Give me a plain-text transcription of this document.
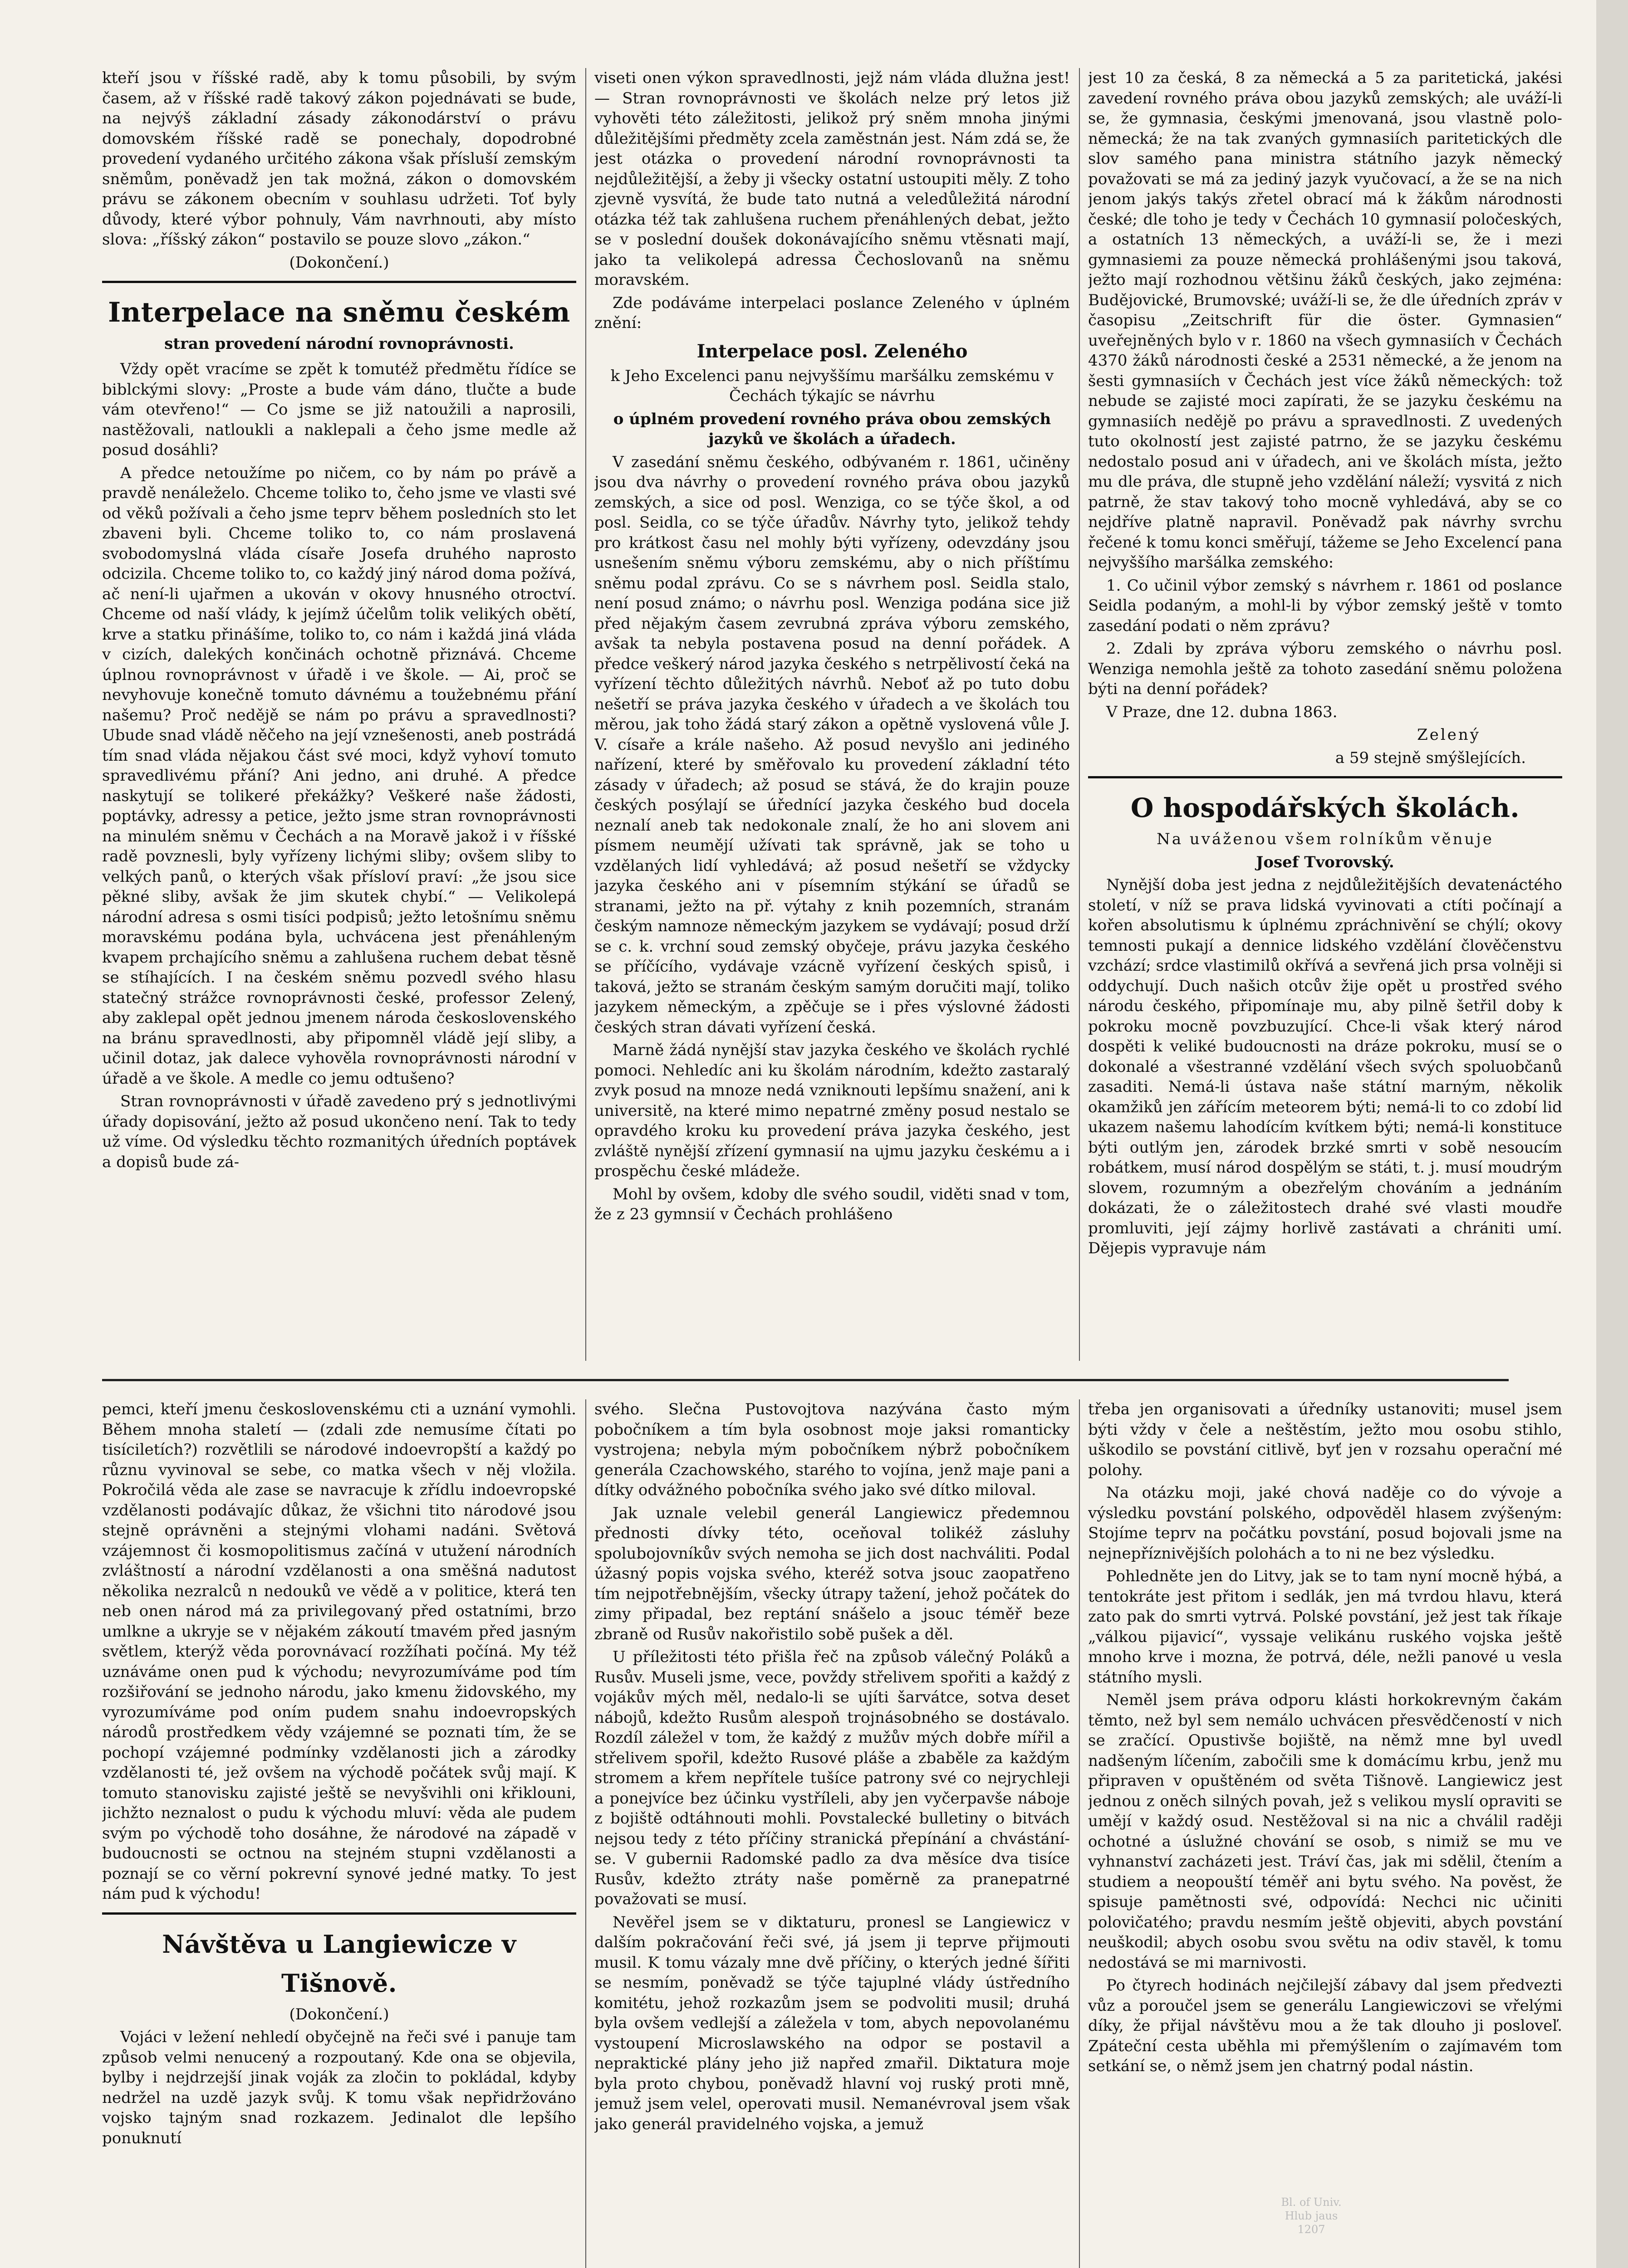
kteří jsou v říšské radě, aby k tomu působili, by svým časem, až v říšské radě takový zákon pojednávati se bude, na nejvýš základní zásady zákonodárství o právu domovském říšské radě se ponechaly, dopodrobné provedení vydaného určitého zákona však přísluší zemským sněmům, poněvadž jen tak možná, zákon o domovském právu se zákonem obecním v souhlasu udržeti. Toť byly důvody, které výbor pohnuly, Vám navrhnouti, aby místo slova: „říšský zákon“ postavilo se pouze slovo „zákon.“

(Dokončení.)

Interpelace na sněmu českém
stran provedení národní rovnoprávnosti.

Vždy opět vracíme se zpět k tomutéž předmětu řídíce se biblckými slovy: „Proste a bude vám dáno, tlučte a bude vám otevřeno!“ — Co jsme se již natoužili a naprosili, nastěžovali, natloukli a naklepali a čeho jsme medle až posud dosáhli?

A předce netoužíme po ničem, co by nám po právě a pravdě nenáleželo. Chceme toliko to, čeho jsme ve vlasti své od věků požívali a čeho jsme teprv během posledních sto let zbaveni byli. Chceme toliko to, co nám proslavená svobodomyslná vláda císaře Josefa druhého naprosto odcizila. Chceme toliko to, co každý jiný národ doma požívá, ač není-li ujařmen a ukován v okovy hnusného otroctví. Chceme od naší vlády, k jejímž účelům tolik velikých obětí, krve a statku přinášíme, toliko to, co nám i každá jiná vláda v cizích, dalekých končinách ochotně přiznává. Chceme úplnou rovnoprávnost v úřadě i ve škole. — Ai, proč se nevyhovuje konečně tomuto dávnému a toužebnému přání našemu? Proč nedějě se nám po právu a spravedlnosti? Ubude snad vládě něčeho na její vznešenosti, aneb postrádá tím snad vláda nějakou část své moci, když vyhoví tomuto spravedlivému přání? Ani jedno, ani druhé. A předce naskytují se tolikeré překážky? Veškeré naše žádosti, poptávky, adressy a petice, ježto jsme stran rovnoprávnosti na minulém sněmu v Čechách a na Moravě jakož i v říšské radě povznesli, byly vyřízeny lichými sliby; ovšem sliby to velkých panů, o kterých však přísloví praví: „že jsou sice pěkné sliby, avšak že jim skutek chybí.“ — Velikolepá národní adresa s osmi tisíci podpisů; ježto letošnímu sněmu moravskému podána byla, uchvácena jest přenáhleným kvapem prchajícího sněmu a zahlušena ruchem debat těsně se stíhajících. I na českém sněmu pozvedl svého hlasu statečný strážce rovnoprávnosti české, professor Zelený, aby zaklepal opět jednou jmenem národa československého na bránu spravedlnosti, aby připomněl vládě její sliby, a učinil dotaz, jak dalece vyhověla rovnoprávnosti národní v úřadě a ve škole. A medle co jemu odtušeno?

Stran rovnoprávnosti v úřadě zavedeno prý s jednotlivými úřady dopisování, ježto až posud ukončeno není. Tak to tedy už víme. Od výsledku těchto rozmanitých úředních poptávek a dopisů bude zá-

viseti onen výkon spravedlnosti, jejž nám vláda dlužna jest! — Stran rovnoprávnosti ve školách nelze prý letos již vyhověti této záležitosti, jelikož prý sněm mnoha jinými důležitějšími předměty zcela zaměstnán jest. Nám zdá se, že jest otázka o provedení národní rovnoprávnosti ta nejdůležitější, a žeby ji všecky ostatní ustoupiti měly. Z toho zjevně vysvítá, že bude tato nutná a veledůležitá národní otázka též tak zahlušena ruchem přenáhlených debat, ježto se v poslední doušek dokonávajícího sněmu vtěsnati mají, jako ta velikolepá adressa Čechoslovanů na sněmu moravském.

Zde podáváme interpelaci poslance Zeleného v úplném znění:

Interpelace posl. Zeleného

k Jeho Excelenci panu nejvyššímu maršálku zemskému v Čechách týkajíc se návrhu

o úplném provedení rovného práva obou zemských jazyků ve školách a úřadech.

V zasedání sněmu českého, odbývaném r. 1861, učiněny jsou dva návrhy o provedení rovného práva obou jazyků zemských, a sice od posl. Wenziga, co se týče škol, a od posl. Seidla, co se týče úřadův. Návrhy tyto, jelikož tehdy pro krátkost času nel mohly býti vyřízeny, odevzdány jsou usnešením sněmu výboru zemskému, aby o nich příštímu sněmu podal zprávu. Co se s návrhem posl. Seidla stalo, není posud známo; o návrhu posl. Wenziga podána sice již před nějakým časem zevrubná zpráva výboru zemského, avšak ta nebyla postavena posud na denní pořádek. A předce veškerý národ jazyka českého s netrpělivostí čeká na vyřízení těchto důležitých návrhů. Neboť až po tuto dobu nešetří se práva jazyka českého v úřadech a ve školách tou měrou, jak toho žádá starý zákon a opětně vyslovená vůle J. V. císaře a krále našeho. Až posud nevyšlo ani jediného nařízení, které by směřovalo ku provedení základní této zásady v úřadech; až posud se stává, že do krajin pouze českých posýlají se úřednící jazyka českého bud docela neznalí aneb tak nedokonale znalí, že ho ani slovem ani písmem neumějí užívati tak správně, jak se toho u vzdělaných lidí vyhledává; až posud nešetří se vždycky jazyka českého ani v písemním stýkání se úřadů se stranami, ježto na př. výtahy z knih pozemních, stranám českým namnoze německým jazykem se vydávají; posud drží se c. k. vrchní soud zemský obyčeje, právu jazyka českého se příčícího, vydávaje vzácně vyřízení českých spisů, i taková, ježto se stranám českým samým doručiti mají, toliko jazykem německým, a zpěčuje se i přes výslovné žádosti českých stran dávati vyřízení česká.

Marně žádá nynější stav jazyka českého ve školách rychlé pomoci. Nehledíc ani ku školám národním, kdežto zastaralý zvyk posud na mnoze nedá vzniknouti lepšímu snažení, ani k universitě, na které mimo nepatrné změny posud nestalo se opravdého kroku ku provedení práva jazyka českého, jest zvláště nynější zřízení gymnasií na ujmu jazyku českému a i prospěchu české mládeže.

Mohl by ovšem, kdoby dle svého soudil, viděti snad v tom, že z 23 gymnsií v Čechách prohlášeno

jest 10 za česká, 8 za německá a 5 za paritetická, jakési zavedení rovného práva obou jazyků zemských; ale uváží-li se, že gymnasia, českými jmenovaná, jsou vlastně polo-německá; že na tak zvaných gymnasiích paritetických dle slov samého pana ministra státního jazyk německý považovati se má za jediný jazyk vyučovací, a že se na nich jenom jakýs takýs zřetel obrací má k žákům národnosti české; dle toho je tedy v Čechách 10 gymnasií poločeských, a ostatních 13 německých, a uváží-li se, že i mezi gymnasiemi za pouze německá prohlášenými jsou taková, ježto mají rozhodnou většinu žáků českých, jako zejména: Budějovické, Brumovské; uváží-li se, že dle úředních zpráv v časopisu „Zeitschrift für die öster. Gymnasien“ uveřejněných bylo v r. 1860 na všech gymnasiích v Čechách 4370 žáků národnosti české a 2531 německé, a že jenom na šesti gymnasiích v Čechách jest více žáků německých: tož nebude se zajisté moci zapírati, že se jazyku českému na gymnasiích nedějě po právu a spravedlnosti. Z uvedených tuto okolností jest zajisté patrno, že se jazyku českému nedostalo posud ani v úřadech, ani ve školách místa, ježto mu dle práva, dle stupně jeho vzdělání náleží; vysvitá z nich patrně, že stav takový toho mocně vyhledává, aby se co nejdříve platně napravil. Poněvadž pak návrhy svrchu řečené k tomu konci směřují, tážeme se Jeho Excelencí pana nejvyššího maršálka zemského:

1. Co učinil výbor zemský s návrhem r. 1861 od poslance Seidla podaným, a mohl-li by výbor zemský ještě v tomto zasedání podati o něm zprávu?

2. Zdali by zpráva výboru zemského o návrhu posl. Wenziga nemohla ještě za tohoto zasedání sněmu položena býti na denní pořádek?

V Praze, dne 12. dubna 1863.

Zelený

a 59 stejně smýšlejících.

O hospodářských školách.

Na uváženou všem rolníkům věnuje

Josef Tvorovský.

Nynější doba jest jedna z nejdůležitějších devatenáctého století, v níž se prava lidská vyvinovati a ctíti počínají a kořen absolutismu k úplnému zpráchnivění se chýlí; okovy temnosti pukají a dennice lidského vzdělání člověčenstvu vzchází; srdce vlastimilů okřívá a sevřená jich prsa volněji si oddychují. Duch našich otcův žije opět u prostřed svého národu českého, připomínaje mu, aby pilně šetřil doby k pokroku mocně povzbuzující. Chce-li však který národ dospěti k veliké budoucnosti na dráze pokroku, musí se o dokonalé a všestranné vzdělání všech svých spoluobčanů zasaditi. Nemá-li ústava naše státní marným, několik okamžiků jen zářícím meteorem býti; nemá-li to co zdobí lid ukazem našemu lahodícím kvítkem býti; nemá-li konstituce býti outlým jen, zárodek brzké smrti v sobě nesoucím robátkem, musí národ dospělým se státi, t. j. musí moudrým slovem, rozumným a obezřelým chováním a jednáním dokázati, že o záležitostech drahé své vlasti moudře promluviti, její zájmy horlivě zastávati a chrániti umí. Dějepis vypravuje nám

pemci, kteří jmenu československému cti a uznání vymohli. Během mnoha staletí — (zdali zde nemusíme čítati po tisíciletích?) rozvětlili se národové indoevropští a každý po různu vyvinoval se sebe, co matka všech v něj vložila. Pokročilá věda ale zase se navracuje k zřídlu indoevropské vzdělanosti podávajíc důkaz, že všichni tito národové jsou stejně oprávněni a stejnými vlohami nadáni. Světová vzájemnost či kosmopolitismus začíná v utužení národních zvláštností a národní vzdělanosti a ona směšná nadutost několika nezralců n nedouků ve vědě a v politice, která ten neb onen národ má za privilegovaný před ostatními, brzo umlkne a ukryje se v nějakém zákoutí tmavém před jasným světlem, kterýž věda porovnávací rozžíhati počíná. My též uznáváme onen pud k východu; nevyrozumíváme pod tím rozšiřování se jednoho národu, jako kmenu židovského, my vyrozumíváme pod oním pudem snahu indoevropských národů prostředkem vědy vzájemné se poznati tím, že se pochopí vzájemné podmínky vzdělanosti jich a zárodky vzdělanosti té, jež ovšem na východě počátek svůj mají. K tomuto stanovisku zajisté ještě se nevyšvihli oni křiklouni, jichžto neznalost o pudu k východu mluví: věda ale pudem svým po východě toho dosáhne, že národové na západě v budoucnosti se octnou na stejném stupni vzdělanosti a poznají se co věrní pokrevní synové jedné matky. To jest nám pud k východu!

Návštěva u Langiewicze v Tišnově.

(Dokončení.)

Vojáci v ležení nehledí obyčejně na řeči své i panuje tam způsob velmi nenucený a rozpoutaný. Kde ona se objevila, bylby i nejdrzejší jinak voják za zločin to pokládal, kdyby nedržel na uzdě jazyk svůj. K tomu však nepřidržováno vojsko tajným snad rozkazem. Jedinalot dle lepšího ponuknutí

svého. Slečna Pustovojtova nazývána často mým pobočníkem a tím byla osobnost moje jaksi romanticky vystrojena; nebyla mým pobočníkem nýbrž pobočníkem generála Czachowského, starého to vojína, jenž maje pani a dítky odvážného pobočníka svého jako své dítko miloval.

Jak uznale velebil generál Langiewicz předemnou přednosti dívky této, oceňoval tolikéž zásluhy spolubojovníkův svých nemoha se jich dost nachváliti. Podal úžasný popis vojska svého, kteréž sotva jsouc zaopatřeno tím nejpotřebnějším, všecky útrapy tažení, jehož počátek do zimy připadal, bez reptání snášelo a jsouc téměř beze zbraně od Rusův nakořistilo sobě pušek a děl.

U příležitosti této přišla řeč na způsob válečný Poláků a Rusův. Museli jsme, vece, povždy střelivem spořiti a každý z vojákův mých měl, nedalo-li se ujíti šarvátce, sotva deset nábojů, kdežto Rusům alespoň trojnásobného se dostávalo. Rozdíl záležel v tom, že každý z mužův mých dobře mířil a střelivem spořil, kdežto Rusové pláše a zbaběle za každým stromem a křem nepřítele tušíce patrony své co nejrychleji a ponejvíce bez účinku vystříleli, aby jen vyčerpavše náboje z bojiště odtáhnouti mohli. Povstalecké bulletiny o bitvách nejsou tedy z této příčiny stranická přepínání a chvástání-se. V gubernii Radomské padlo za dva měsíce dva tisíce Rusův, kdežto ztráty naše poměrně za pranepatrné považovati se musí.

Nevěřel jsem se v diktaturu, pronesl se Langiewicz v dalším pokračování řeči své, já jsem ji teprve přijmouti musil. K tomu vázaly mne dvě příčiny, o kterých jedné šířiti se nesmím, poněvadž se týče tajuplné vlády ústředního komitétu, jehož rozkazům jsem se podvoliti musil; druhá byla ovšem vedlejší a záležela v tom, abych nepovolanému vystoupení Microslawského na odpor se postavil a nepraktické plány jeho již napřed zmařil. Diktatura moje byla proto chybou, poněvadž hlavní voj ruský proti mně, jemuž jsem velel, operovati musil. Nemanévroval jsem však jako generál pravidelného vojska, a jemuž

třeba jen organisovati a úředníky ustanoviti; musel jsem býti vždy v čele a neštěstím, ježto mou osobu stihlo, uškodilo se povstání citlivě, byť jen v rozsahu operační mé polohy.

Na otázku moji, jaké chová naděje co do vývoje a výsledku povstání polského, odpověděl hlasem zvýšeným: Stojíme teprv na počátku povstání, posud bojovali jsme na nejnepříznivějších polohách a to ni ne bez výsledku.

Pohledněte jen do Litvy, jak se to tam nyní mocně hýbá, a tentokráte jest přitom i sedlák, jen má tvrdou hlavu, která zato pak do smrti vytrvá. Polské povstání, jež jest tak říkaje „válkou pijavicí“, vyssaje velikánu ruského vojska ještě mnoho krve i mozna, že potrvá, déle, nežli panové u vesla státního mysli.

Neměl jsem práva odporu klásti horkokrevným čakám těmto, než byl sem nemálo uchvácen přesvědčeností v nich se zračící. Opustivše bojiště, na němž mne byl uvedl nadšeným líčením, zabočili sme k domácímu krbu, jenž mu připraven v opuštěném od světa Tišnově. Langiewicz jest jednou z oněch silných povah, jež s velikou myslí opraviti se umějí v každý osud. Nestěžoval si na nic a chválil raději ochotné a úslužné chování se osob, s nimiž se mu ve vyhnanství zacházeti jest. Tráví čas, jak mi sdělil, čtením a studiem a neopouští téměř ani bytu svého. Na pověst, že spisuje pamětnosti své, odpovídá: Nechci nic učiniti polovičatého; pravdu nesmím ještě objeviti, abych povstání neuškodil; abych osobu svou světu na odiv stavěl, k tomu nedostává se mi marnivosti.

Po čtyrech hodinách nejčilejší zábavy dal jsem předvezti vůz a poroučel jsem se generálu Langiewiczovi se vřelými díky, že přijal návštěvu mou a že tak dlouho ji posloveľ. Zpáteční cesta uběhla mi přemýšlením o zajímavém tom setkání se, o němž jsem jen chatrný podal nástin.

Bl. of Univ.
Hlub jaus
1207
